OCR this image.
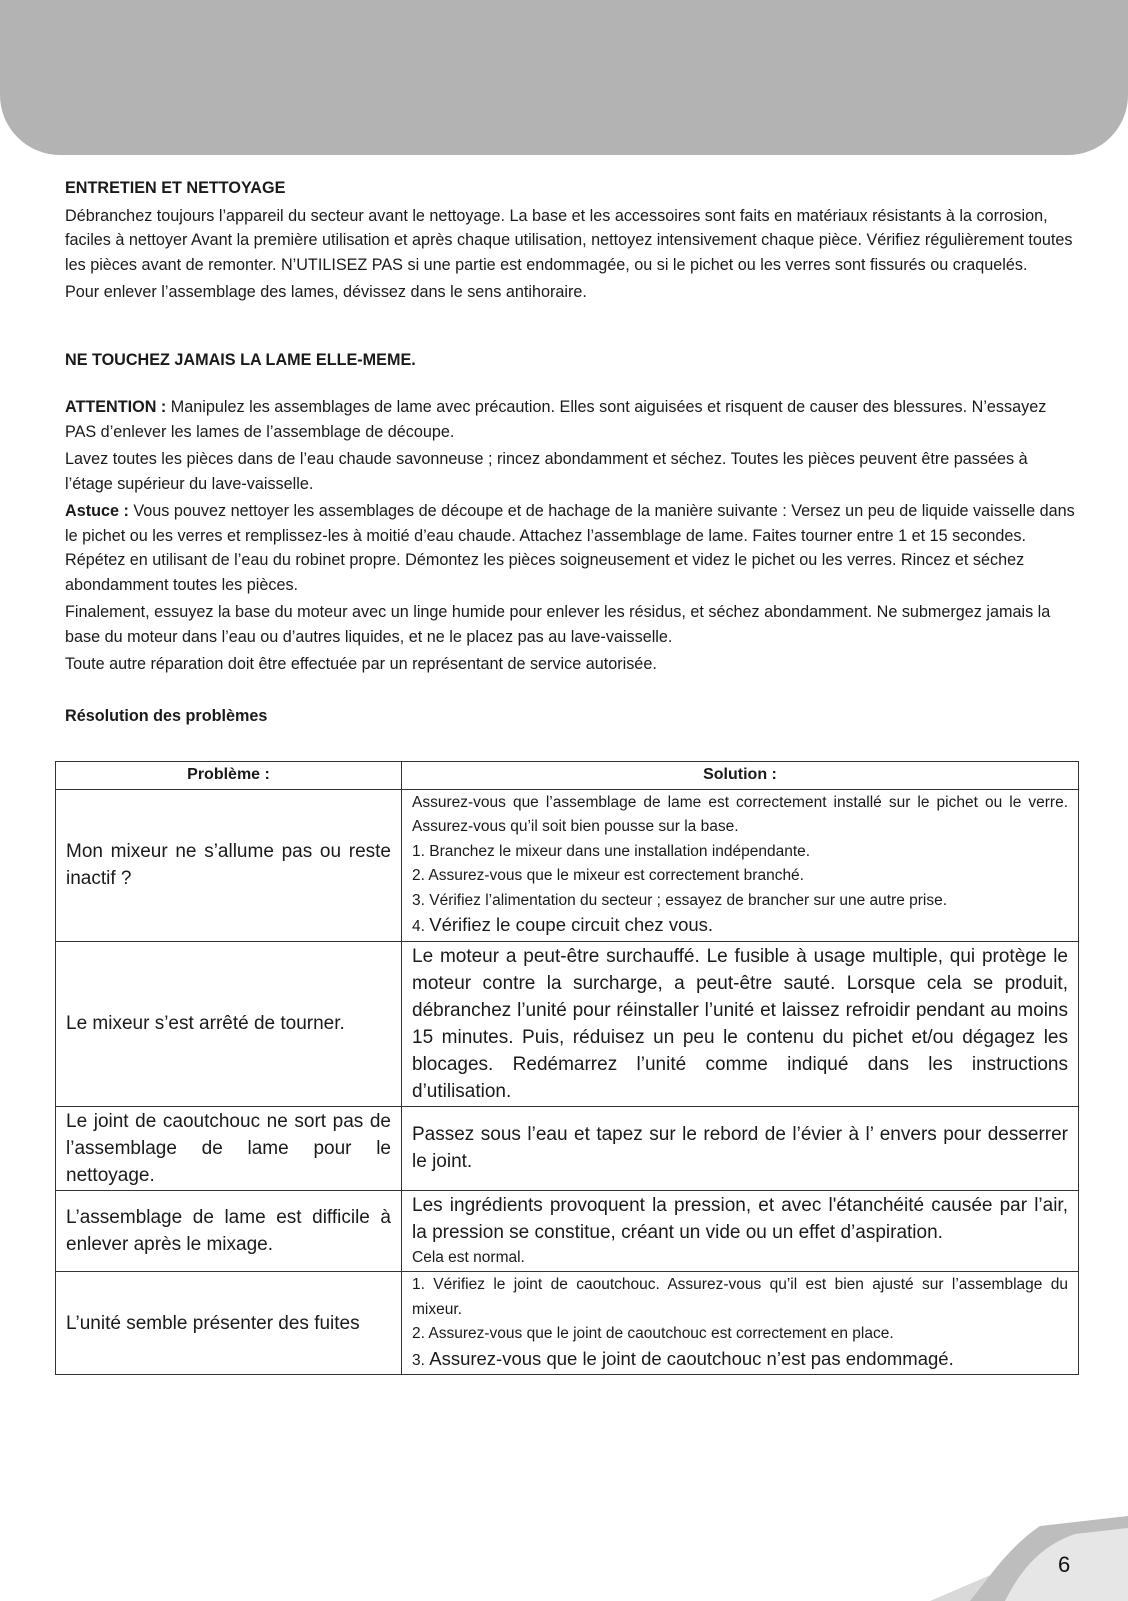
ENTRETIEN ET NETTOYAGE

Débranchez toujours l’appareil du secteur avant le nettoyage. La base et les accessoires sont faits en matériaux résistants à la corrosion, faciles à nettoyer Avant la première utilisation et après chaque utilisation, nettoyez intensivement chaque pièce. Vérifiez régulièrement toutes les pièces avant de remonter. N’UTILISEZ PAS si une partie est endommagée, ou si le pichet ou les verres sont fissurés ou craquelés.

Pour enlever l’assemblage des lames, dévissez dans le sens antihoraire.

NE TOUCHEZ JAMAIS LA LAME ELLE-MEME.

ATTENTION : Manipulez les assemblages de lame avec précaution. Elles sont aiguisées et risquent de causer des blessures. N’essayez PAS d’enlever les lames de l’assemblage de découpe.

Lavez toutes les pièces dans de l’eau chaude savonneuse ; rincez abondamment et séchez. Toutes les pièces peuvent être passées à l’étage supérieur du lave-vaisselle.

Astuce : Vous pouvez nettoyer les assemblages de découpe et de hachage de la manière suivante : Versez un peu de liquide vaisselle dans le pichet ou les verres et remplissez-les à moitié d’eau chaude. Attachez l’assemblage de lame. Faites tourner entre 1 et 15 secondes. Répétez en utilisant de l’eau du robinet propre. Démontez les pièces soigneusement et videz le pichet ou les verres. Rincez et séchez abondamment toutes les pièces.

Finalement, essuyez la base du moteur avec un linge humide pour enlever les résidus, et séchez abondamment. Ne submergez jamais la base du moteur dans l’eau ou d’autres liquides, et ne le placez pas au lave-vaisselle.

Toute autre réparation doit être effectuée par un représentant de service autorisée.

Résolution des problèmes

Problème :	Solution :
Mon mixeur ne s’allume pas ou reste inactif ?	Assurez-vous que l’assemblage de lame est correctement installé sur le pichet ou le verre. Assurez-vous qu’il soit bien pousse sur la base.
1. Branchez le mixeur dans une installation indépendante.
2. Assurez-vous que le mixeur est correctement branché.
3. Vérifiez l’alimentation du secteur ; essayez de brancher sur une autre prise.
4. Vérifiez le coupe circuit chez vous.

Le mixeur s’est arrêté de tourner.	Le moteur a peut-être surchauffé. Le fusible à usage multiple, qui protège le moteur contre la surcharge, a peut-être sauté. Lorsque cela se produit, débranchez l’unité pour réinstaller l’unité et laissez refroidir pendant au moins 15 minutes. Puis, réduisez un peu le contenu du pichet et/ou dégagez les blocages. Redémarrez l’unité comme indiqué dans les instructions d’utilisation.

Le joint de caoutchouc ne sort pas de l’assemblage de lame pour le nettoyage.	Passez sous l’eau et tapez sur le rebord de l’évier à l’ envers pour desserrer le joint.

L’assemblage de lame est difficile à enlever après le mixage.	Les ingrédients provoquent la pression, et avec l'étanchéité causée par l’air, la pression se constitue, créant un vide ou un effet d’aspiration.
Cela est normal.

L’unité semble présenter des fuites	1. Vérifiez le joint de caoutchouc. Assurez-vous qu’il est bien ajusté sur l’assemblage du mixeur.
2. Assurez-vous que le joint de caoutchouc est correctement en place.
3. Assurez-vous que le joint de caoutchouc n’est pas endommagé.
6
